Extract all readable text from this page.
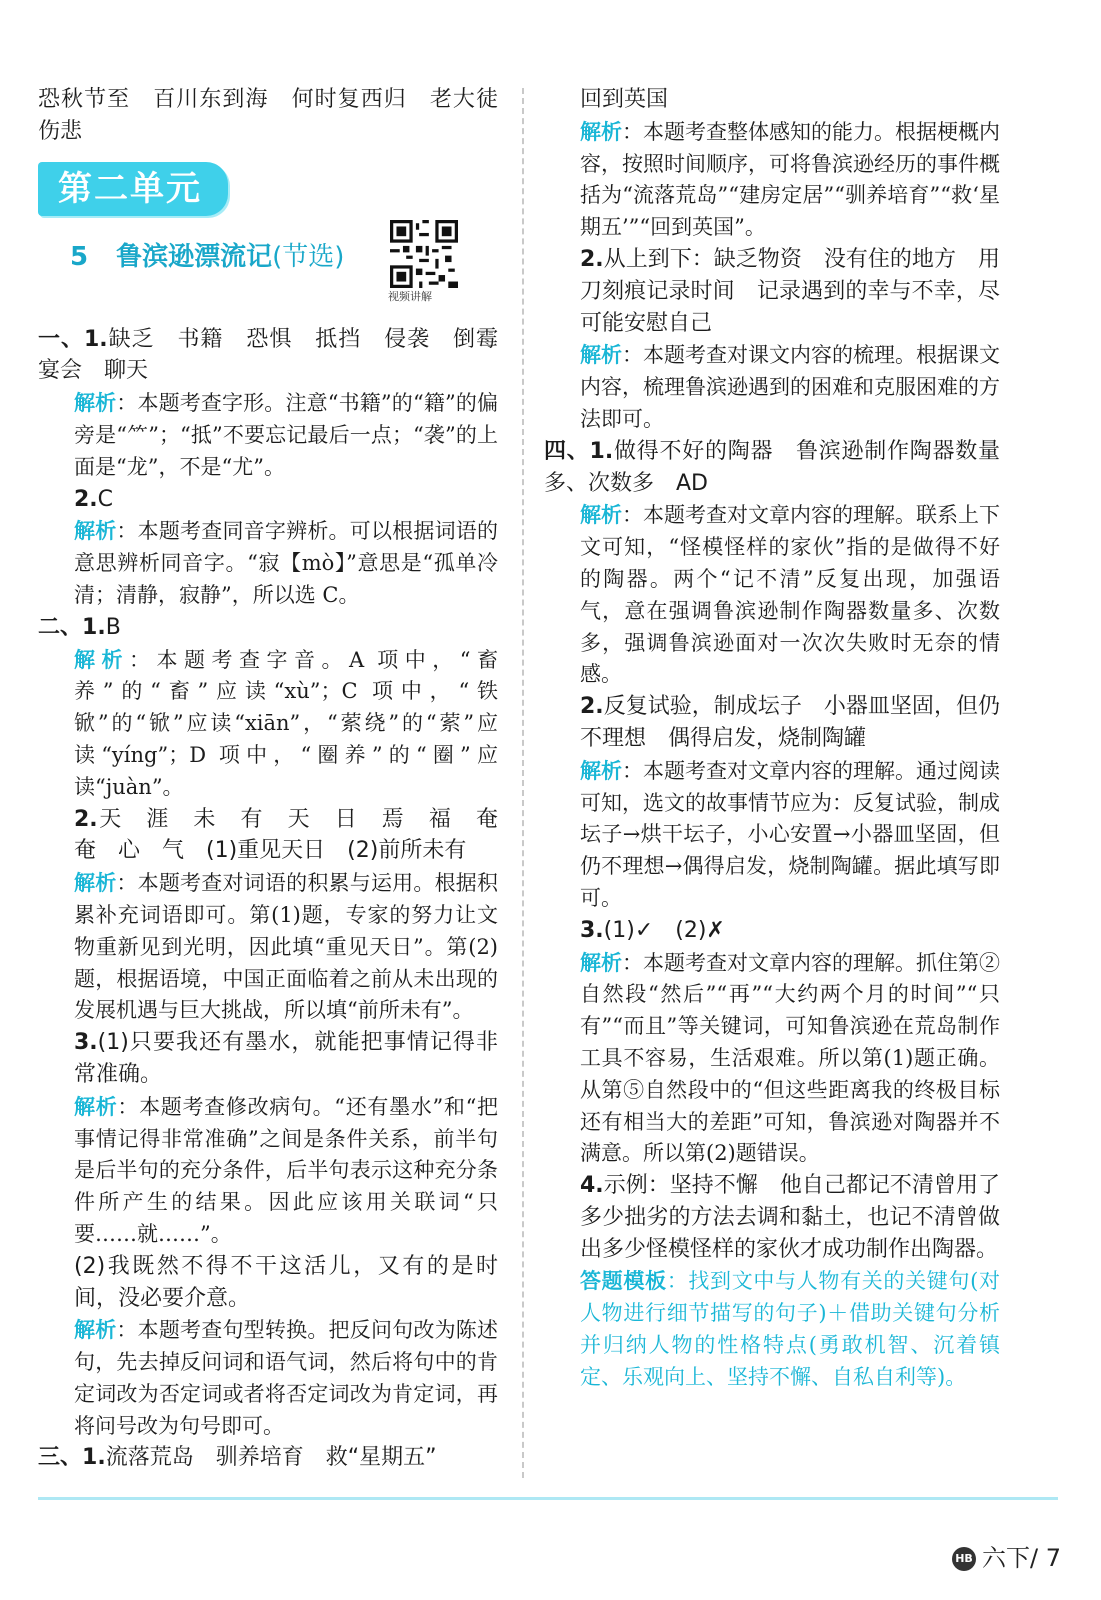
恐秋节至　百川东到海　何时复西归　老大徒伤悲

第二单元
5 鲁滨逊漂流记(节选)
视频讲解

一、1.缺乏　书籍　恐惧　抵挡　侵袭　倒霉　宴会　聊天

解析：本题考查字形。注意“书籍”的“籍”的偏旁是“⺮”；“抵”不要忘记最后一点；“袭”的上面是“龙”，不是“尤”。

2.C

解析：本题考查同音字辨析。可以根据词语的意思辨析同音字。“寂【mò】”意思是“孤单冷清；清静，寂静”，所以选 C。

二、1.B

解析：本题考查字音。A 项中，“畜养”的“畜”应读“xù”；C 项中，“铁锨”的“锨”应读“xiān”，“萦绕”的“萦”应读“yíng”；D 项中，“圈养”的“圈”应读“juàn”。

2.天　涯　未　有　天　日　焉　福　奄　奄　心　气　(1)重见天日　(2)前所未有

解析：本题考查对词语的积累与运用。根据积累补充词语即可。第(1)题，专家的努力让文物重新见到光明，因此填“重见天日”。第(2)题，根据语境，中国正面临着之前从未出现的发展机遇与巨大挑战，所以填“前所未有”。

3.(1)只要我还有墨水，就能把事情记得非常准确。

解析：本题考查修改病句。“还有墨水”和“把事情记得非常准确”之间是条件关系，前半句是后半句的充分条件，后半句表示这种充分条件所产生的结果。因此应该用关联词“只要……就……”。

(2)我既然不得不干这活儿，又有的是时间，没必要介意。

解析：本题考查句型转换。把反问句改为陈述句，先去掉反问词和语气词，然后将句中的肯定词改为否定词或者将否定词改为肯定词，再将问号改为句号即可。

三、1.流落荒岛　驯养培育　救“星期五”

回到英国

解析：本题考查整体感知的能力。根据梗概内容，按照时间顺序，可将鲁滨逊经历的事件概括为“流落荒岛”“建房定居”“驯养培育”“救‘星期五’”“回到英国”。

2.从上到下：缺乏物资　没有住的地方　用刀刻痕记录时间　记录遇到的幸与不幸，尽可能安慰自己

解析：本题考查对课文内容的梳理。根据课文内容，梳理鲁滨逊遇到的困难和克服困难的方法即可。

四、1.做得不好的陶器　鲁滨逊制作陶器数量多、次数多　AD

解析：本题考查对文章内容的理解。联系上下文可知，“怪模怪样的家伙”指的是做得不好的陶器。两个“记不清”反复出现，加强语气，意在强调鲁滨逊制作陶器数量多、次数多，强调鲁滨逊面对一次次失败时无奈的情感。

2.反复试验，制成坛子　小器皿坚固，但仍不理想　偶得启发，烧制陶罐

解析：本题考查对文章内容的理解。通过阅读可知，选文的故事情节应为：反复试验，制成坛子→烘干坛子，小心安置→小器皿坚固，但仍不理想→偶得启发，烧制陶罐。据此填写即可。

3.(1)✓　(2)✗

解析：本题考查对文章内容的理解。抓住第②自然段“然后”“再”“大约两个月的时间”“只有”“而且”等关键词，可知鲁滨逊在荒岛制作工具不容易，生活艰难。所以第(1)题正确。从第⑤自然段中的“但这些距离我的终极目标还有相当大的差距”可知，鲁滨逊对陶器并不满意。所以第(2)题错误。

4.示例：坚持不懈　他自己都记不清曾用了多少拙劣的方法去调和黏土，也记不清曾做出多少怪模怪样的家伙才成功制作出陶器。

答题模板：找到文中与人物有关的关键句(对人物进行细节描写的句子)＋借助关键句分析并归纳人物的性格特点(勇敢机智、沉着镇定、乐观向上、坚持不懈、自私自利等)。

HB 六下/ 7
